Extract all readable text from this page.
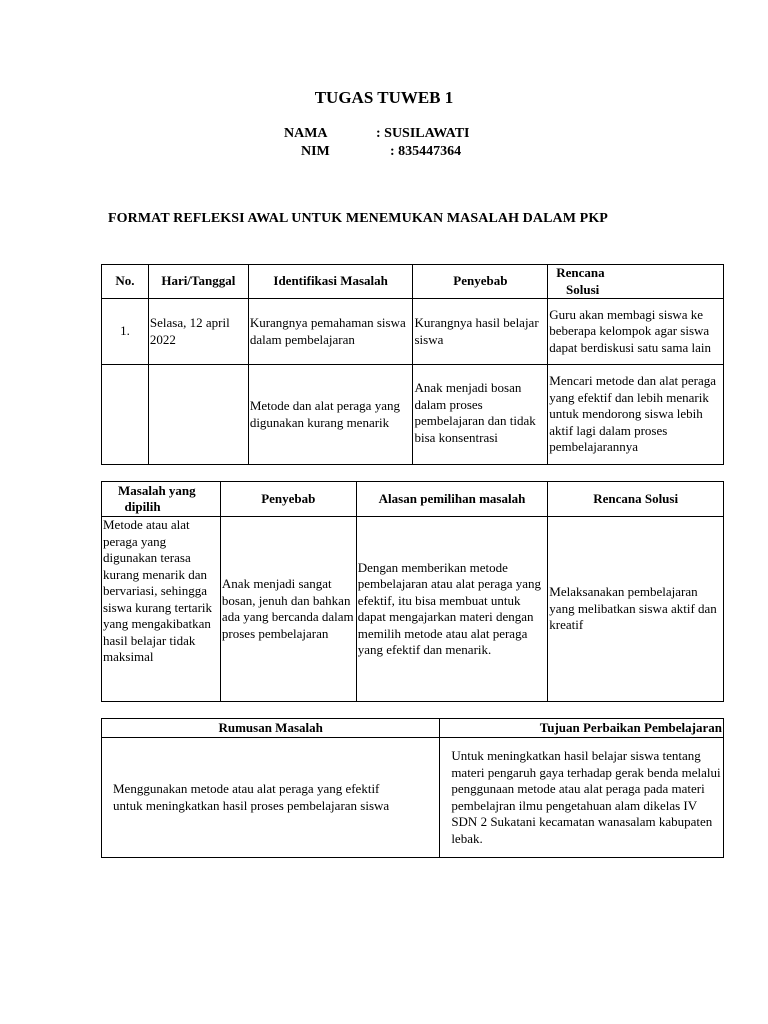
TUGAS TUWEB 1
NAMA	: SUSILAWATI
NIM	: 835447364
FORMAT REFLEKSI AWAL UNTUK MENEMUKAN MASALAH DALAM PKP
No.	Hari/Tanggal	Identifikasi Masalah	Penyebab	Rencana
Solusi
1.	Selasa, 12 april 2022	Kurangnya pemahaman siswa dalam pembelajaran	Kurangnya hasil belajar siswa	Guru akan membagi siswa ke beberapa kelompok agar siswa dapat berdiskusi satu sama lain
		Metode dan alat peraga yang digunakan kurang menarik	Anak menjadi bosan dalam proses pembelajaran dan tidak bisa konsentrasi	Mencari metode dan alat peraga yang efektif dan lebih menarik untuk mendorong siswa lebih aktif lagi dalam proses pembelajarannya
Masalah yang
dipilih	Penyebab	Alasan pemilihan masalah	Rencana Solusi
Metode atau alat peraga yang digunakan terasa kurang menarik dan bervariasi, sehingga siswa kurang tertarik yang mengakibatkan hasil belajar tidak maksimal	Anak menjadi sangat bosan, jenuh dan bahkan ada yang bercanda dalam proses pembelajaran	Dengan memberikan metode pembelajaran atau alat peraga yang efektif, itu bisa membuat untuk dapat mengajarkan materi dengan memilih metode atau alat peraga yang efektif dan menarik.	Melaksanakan pembelajaran yang melibatkan siswa aktif dan kreatif
Rumusan Masalah	Tujuan Perbaikan Pembelajaran
Menggunakan metode atau alat peraga yang efektif untuk meningkatkan hasil proses pembelajaran siswa	Untuk meningkatkan hasil belajar siswa tentang materi pengaruh gaya terhadap gerak benda melalui penggunaan metode atau alat peraga pada materi pembelajran ilmu pengetahuan alam dikelas IV SDN 2 Sukatani kecamatan wanasalam kabupaten lebak.
